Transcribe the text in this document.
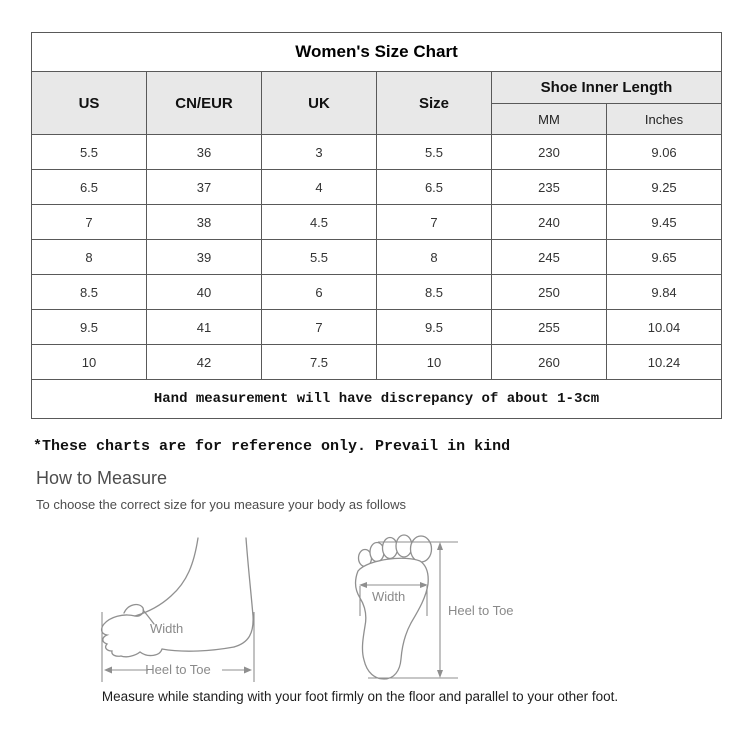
Women's Size Chart					
US	CN/EUR	UK	Size	Shoe Inner Length	
				MM	Inches
5.5	36	3	5.5	230	9.06
6.5	37	4	6.5	235	9.25
7	38	4.5	7	240	9.45
8	39	5.5	8	245	9.65
8.5	40	6	8.5	250	9.84
9.5	41	7	9.5	255	10.04
10	42	7.5	10	260	10.24
Hand measurement will have discrepancy of about 1-3cm					
*These charts are for reference only. Prevail in kind
How to Measure
To choose the correct size for you measure your body as follows
Width
Heel to Toe
Width
Heel to Toe
Measure while standing with your foot firmly on the floor and parallel to your other foot.
